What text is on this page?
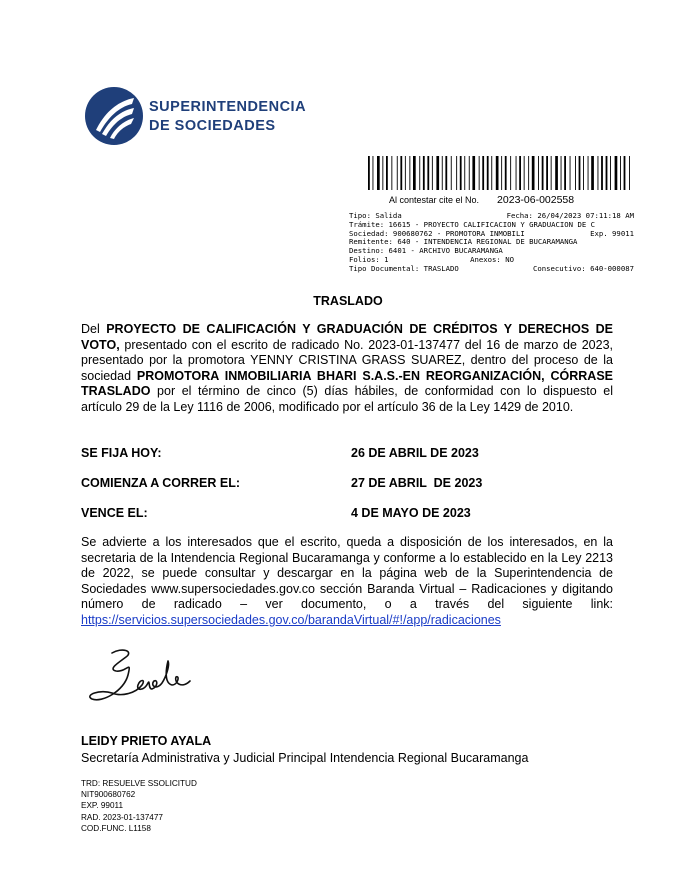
SUPERINTENDENCIA
DE SOCIEDADES
Al contestar cite el No. 2023-06-002558
Tipo: Salida	Fecha: 26/04/2023 07:11:18 AM
Trámite: 16615 - PROYECTO CALIFICACION Y GRADUACION DE C
Sociedad: 900680762 - PROMOTORA INMOBILI	Exp. 99011
Remitente: 640 - INTENDENCIA REGIONAL DE BUCARAMANGA
Destino: 6401 - ARCHIVO BUCARAMANGA
Folios: 1	Anexos: NO
Tipo Documental: TRASLADO	Consecutivo: 640-000087
TRASLADO
Del PROYECTO DE CALIFICACIÓN Y GRADUACIÓN DE CRÉDITOS Y DERECHOS DE VOTO, presentado con el escrito de radicado No. 2023-01-137477 del 16 de marzo de 2023, presentado por la promotora YENNY CRISTINA GRASS SUAREZ, dentro del proceso de la sociedad PROMOTORA INMOBILIARIA BHARI S.A.S.-EN REORGANIZACIÓN, CÓRRASE TRASLADO por el término de cinco (5) días hábiles, de conformidad con lo dispuesto el artículo 29 de la Ley 1116 de 2006, modificado por el artículo 36 de la Ley 1429 de 2010.
SE FIJA HOY:	26 DE ABRIL DE 2023
COMIENZA A CORRER EL:	27 DE ABRIL  DE 2023
VENCE EL:	4 DE MAYO DE 2023
Se advierte a los interesados que el escrito, queda a disposición de los interesados, en la secretaria de la Intendencia Regional Bucaramanga y conforme a lo establecido en la Ley 2213 de 2022, se puede consultar y descargar en la página web de la Superintendencia de Sociedades www.supersociedades.gov.co sección Baranda Virtual – Radicaciones y digitando número de radicado – ver documento, o a través del siguiente link: https://servicios.supersociedades.gov.co/barandaVirtual/#!/app/radicaciones
LEIDY PRIETO AYALA
Secretaría Administrativa y Judicial Principal Intendencia Regional Bucaramanga
TRD: RESUELVE SSOLICITUD
NIT900680762
EXP. 99011
RAD. 2023-01-137477
COD.FUNC. L1158
